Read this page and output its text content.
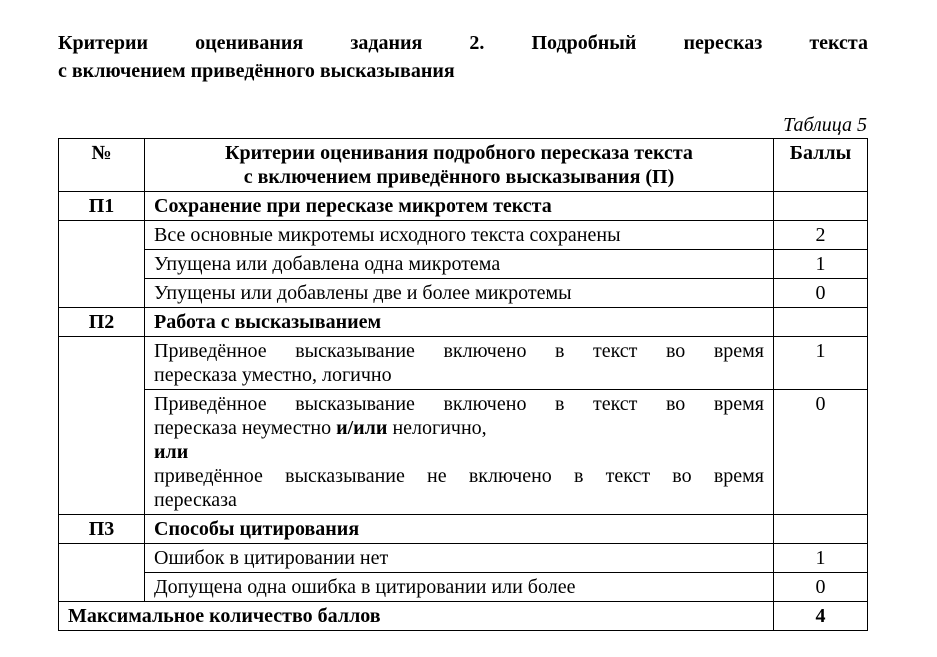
Критерии оценивания задания 2. Подробный пересказ текста
с включением приведённого высказывания
Таблица 5
№	Критерии оценивания подробного пересказа текста
с включением приведённого высказывания (П)	Баллы
П1	Сохранение при пересказе микротем текста	
	Все основные микротемы исходного текста сохранены	2
	Упущена или добавлена одна микротема	1
	Упущены или добавлены две и более микротемы	0
П2	Работа с высказыванием	

	Приведённое высказывание включено в текст во время
пересказа уместно, логично	1

	Приведённое высказывание включено в текст во время
пересказа неуместно и/или нелогично,
или
приведённое высказывание не включено в текст во время
пересказа	0
П3	Способы цитирования	
	Ошибок в цитировании нет	1
	Допущена одна ошибка в цитировании или более	0
Максимальное количество баллов		4
